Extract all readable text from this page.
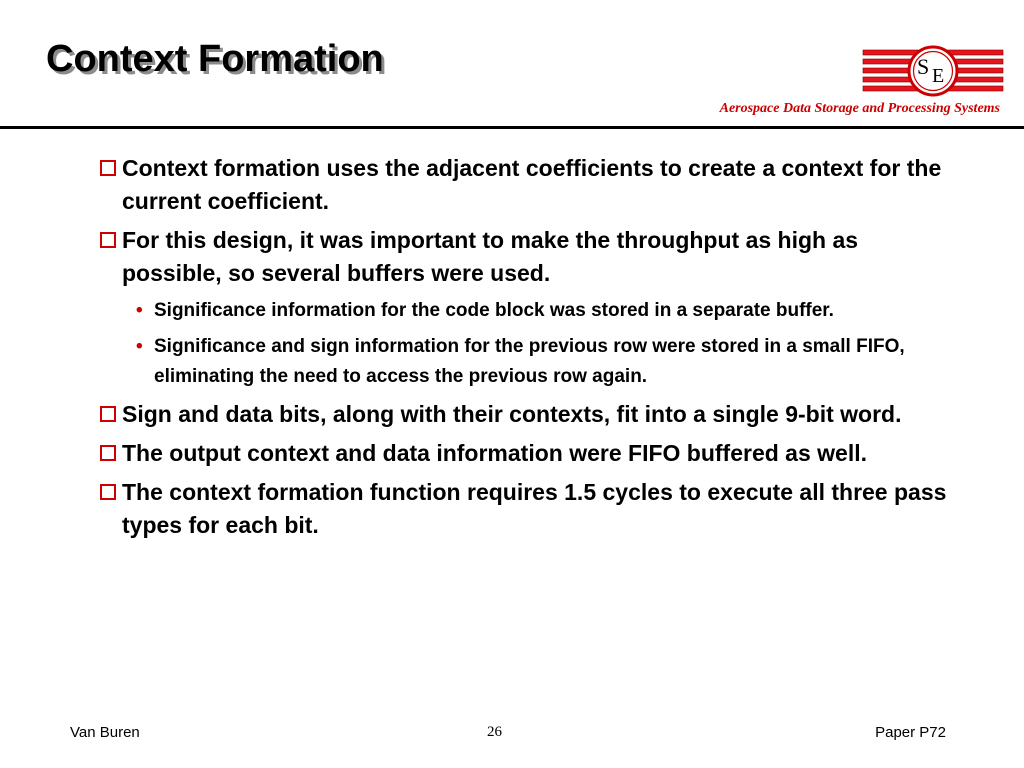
Context Formation	S E
Aerospace Data Storage and Processing Systems
Context formation uses the adjacent coefficients to create a context for the current coefficient.
For this design, it was important to make the throughput as high as possible, so several buffers were used.
• Significance information for the code block was stored in a separate buffer.
• Significance and sign information for the previous row were stored in a small FIFO, eliminating the need to access the previous row again.
Sign and data bits, along with their contexts, fit into a single 9-bit word.
The output context and data information were FIFO buffered as well.
The context formation function requires 1.5 cycles to execute all three pass types for each bit.
Van Buren	26	Paper P72
